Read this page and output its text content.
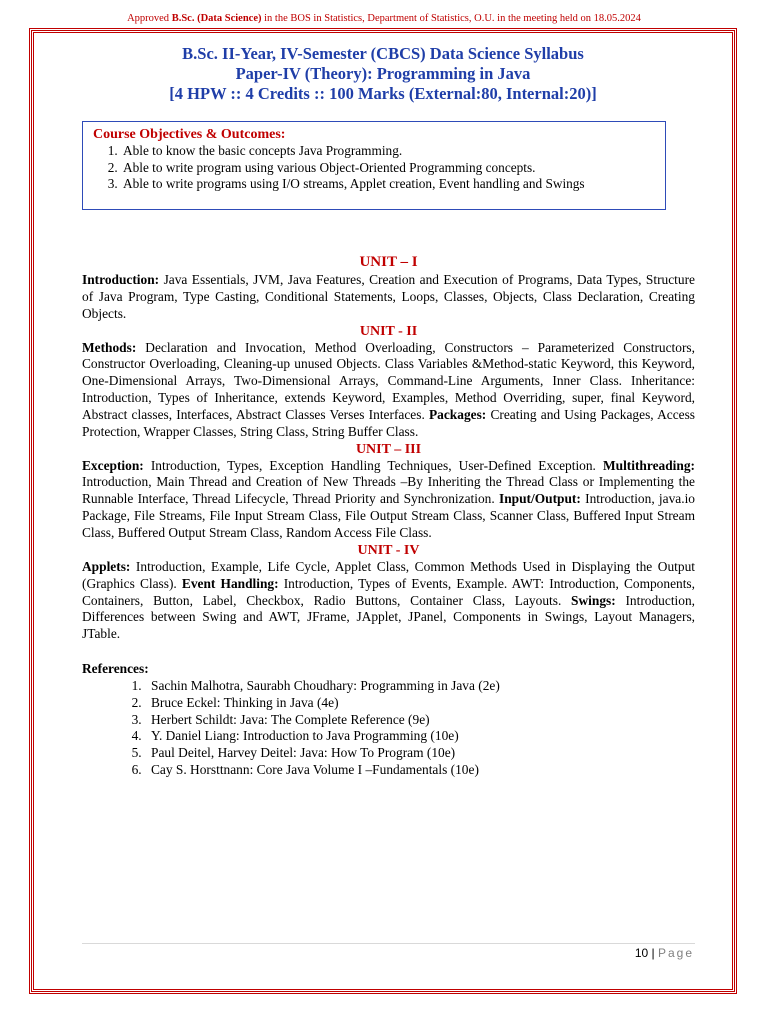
Approved B.Sc. (Data Science) in the BOS in Statistics, Department of Statistics, O.U. in the meeting held on 18.05.2024
B.Sc. II-Year, IV-Semester (CBCS) Data Science Syllabus
Paper-IV (Theory): Programming in Java
[4 HPW :: 4 Credits :: 100 Marks (External:80, Internal:20)]
Course Objectives & Outcomes:
1. Able to know the basic concepts Java Programming.
2. Able to write program using various Object-Oriented Programming concepts.
3. Able to write programs using I/O streams, Applet creation, Event handling and Swings
UNIT – I

Introduction: Java Essentials, JVM, Java Features, Creation and Execution of Programs, Data Types, Structure of Java Program, Type Casting, Conditional Statements, Loops, Classes, Objects, Class Declaration, Creating Objects.

UNIT - II

Methods: Declaration and Invocation, Method Overloading, Constructors – Parameterized Constructors, Constructor Overloading, Cleaning-up unused Objects. Class Variables &Method-static Keyword, this Keyword, One-Dimensional Arrays, Two-Dimensional Arrays, Command-Line Arguments, Inner Class. Inheritance: Introduction, Types of Inheritance, extends Keyword, Examples, Method Overriding, super, final Keyword, Abstract classes, Interfaces, Abstract Classes Verses Interfaces. Packages: Creating and Using Packages, Access Protection, Wrapper Classes, String Class, String Buffer Class.

UNIT – III

Exception: Introduction, Types, Exception Handling Techniques, User-Defined Exception. Multithreading: Introduction, Main Thread and Creation of New Threads –By Inheriting the Thread Class or Implementing the Runnable Interface, Thread Lifecycle, Thread Priority and Synchronization. Input/Output: Introduction, java.io Package, File Streams, File Input Stream Class, File Output Stream Class, Scanner Class, Buffered Input Stream Class, Buffered Output Stream Class, Random Access File Class.

UNIT - IV

Applets: Introduction, Example, Life Cycle, Applet Class, Common Methods Used in Displaying the Output (Graphics Class). Event Handling: Introduction, Types of Events, Example. AWT: Introduction, Components, Containers, Button, Label, Checkbox, Radio Buttons, Container Class, Layouts. Swings: Introduction, Differences between Swing and AWT, JFrame, JApplet, JPanel, Components in Swings, Layout Managers, JTable.

References:
1. Sachin Malhotra, Saurabh Choudhary: Programming in Java (2e)
2. Bruce Eckel: Thinking in Java (4e)
3. Herbert Schildt: Java: The Complete Reference (9e)
4. Y. Daniel Liang: Introduction to Java Programming (10e)
5. Paul Deitel, Harvey Deitel: Java: How To Program (10e)
6. Cay S. Horsttnann: Core Java Volume I –Fundamentals (10e)
10 | Page
